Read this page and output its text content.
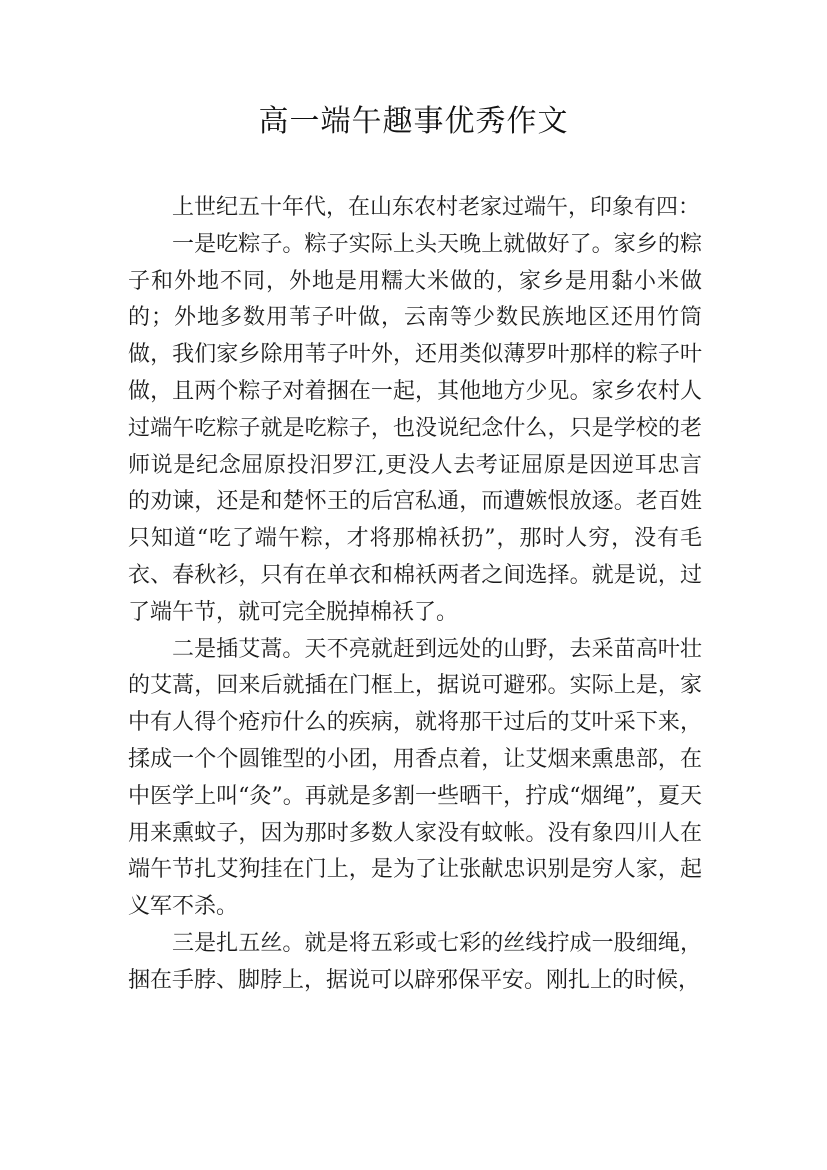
高一端午趣事优秀作文

上世纪五十年代，在山东农村老家过端午，印象有四：

一是吃粽子。粽子实际上头天晚上就做好了。家乡的粽子和外地不同，外地是用糯大米做的，家乡是用黏小米做的；外地多数用苇子叶做，云南等少数民族地区还用竹筒做，我们家乡除用苇子叶外，还用类似薄罗叶那样的粽子叶做，且两个粽子对着捆在一起，其他地方少见。家乡农村人过端午吃粽子就是吃粽子，也没说纪念什么，只是学校的老师说是纪念屈原投汨罗江,更没人去考证屈原是因逆耳忠言的劝谏，还是和楚怀王的后宫私通，而遭嫉恨放逐。老百姓只知道“吃了端午粽，才将那棉袄扔”，那时人穷，没有毛衣、春秋衫，只有在单衣和棉袄两者之间选择。就是说，过了端午节，就可完全脱掉棉袄了。

二是插艾蒿。天不亮就赶到远处的山野，去采苗高叶壮的艾蒿，回来后就插在门框上，据说可避邪。实际上是，家中有人得个疮疖什么的疾病，就将那干过后的艾叶采下来，揉成一个个圆锥型的小团，用香点着，让艾烟来熏患部，在中医学上叫“灸”。再就是多割一些晒干，拧成“烟绳”，夏天用来熏蚊子，因为那时多数人家没有蚊帐。没有象四川人在端午节扎艾狗挂在门上，是为了让张献忠识别是穷人家，起义军不杀。

三是扎五丝。就是将五彩或七彩的丝线拧成一股细绳，捆在手脖、脚脖上，据说可以辟邪保平安。刚扎上的时候，
